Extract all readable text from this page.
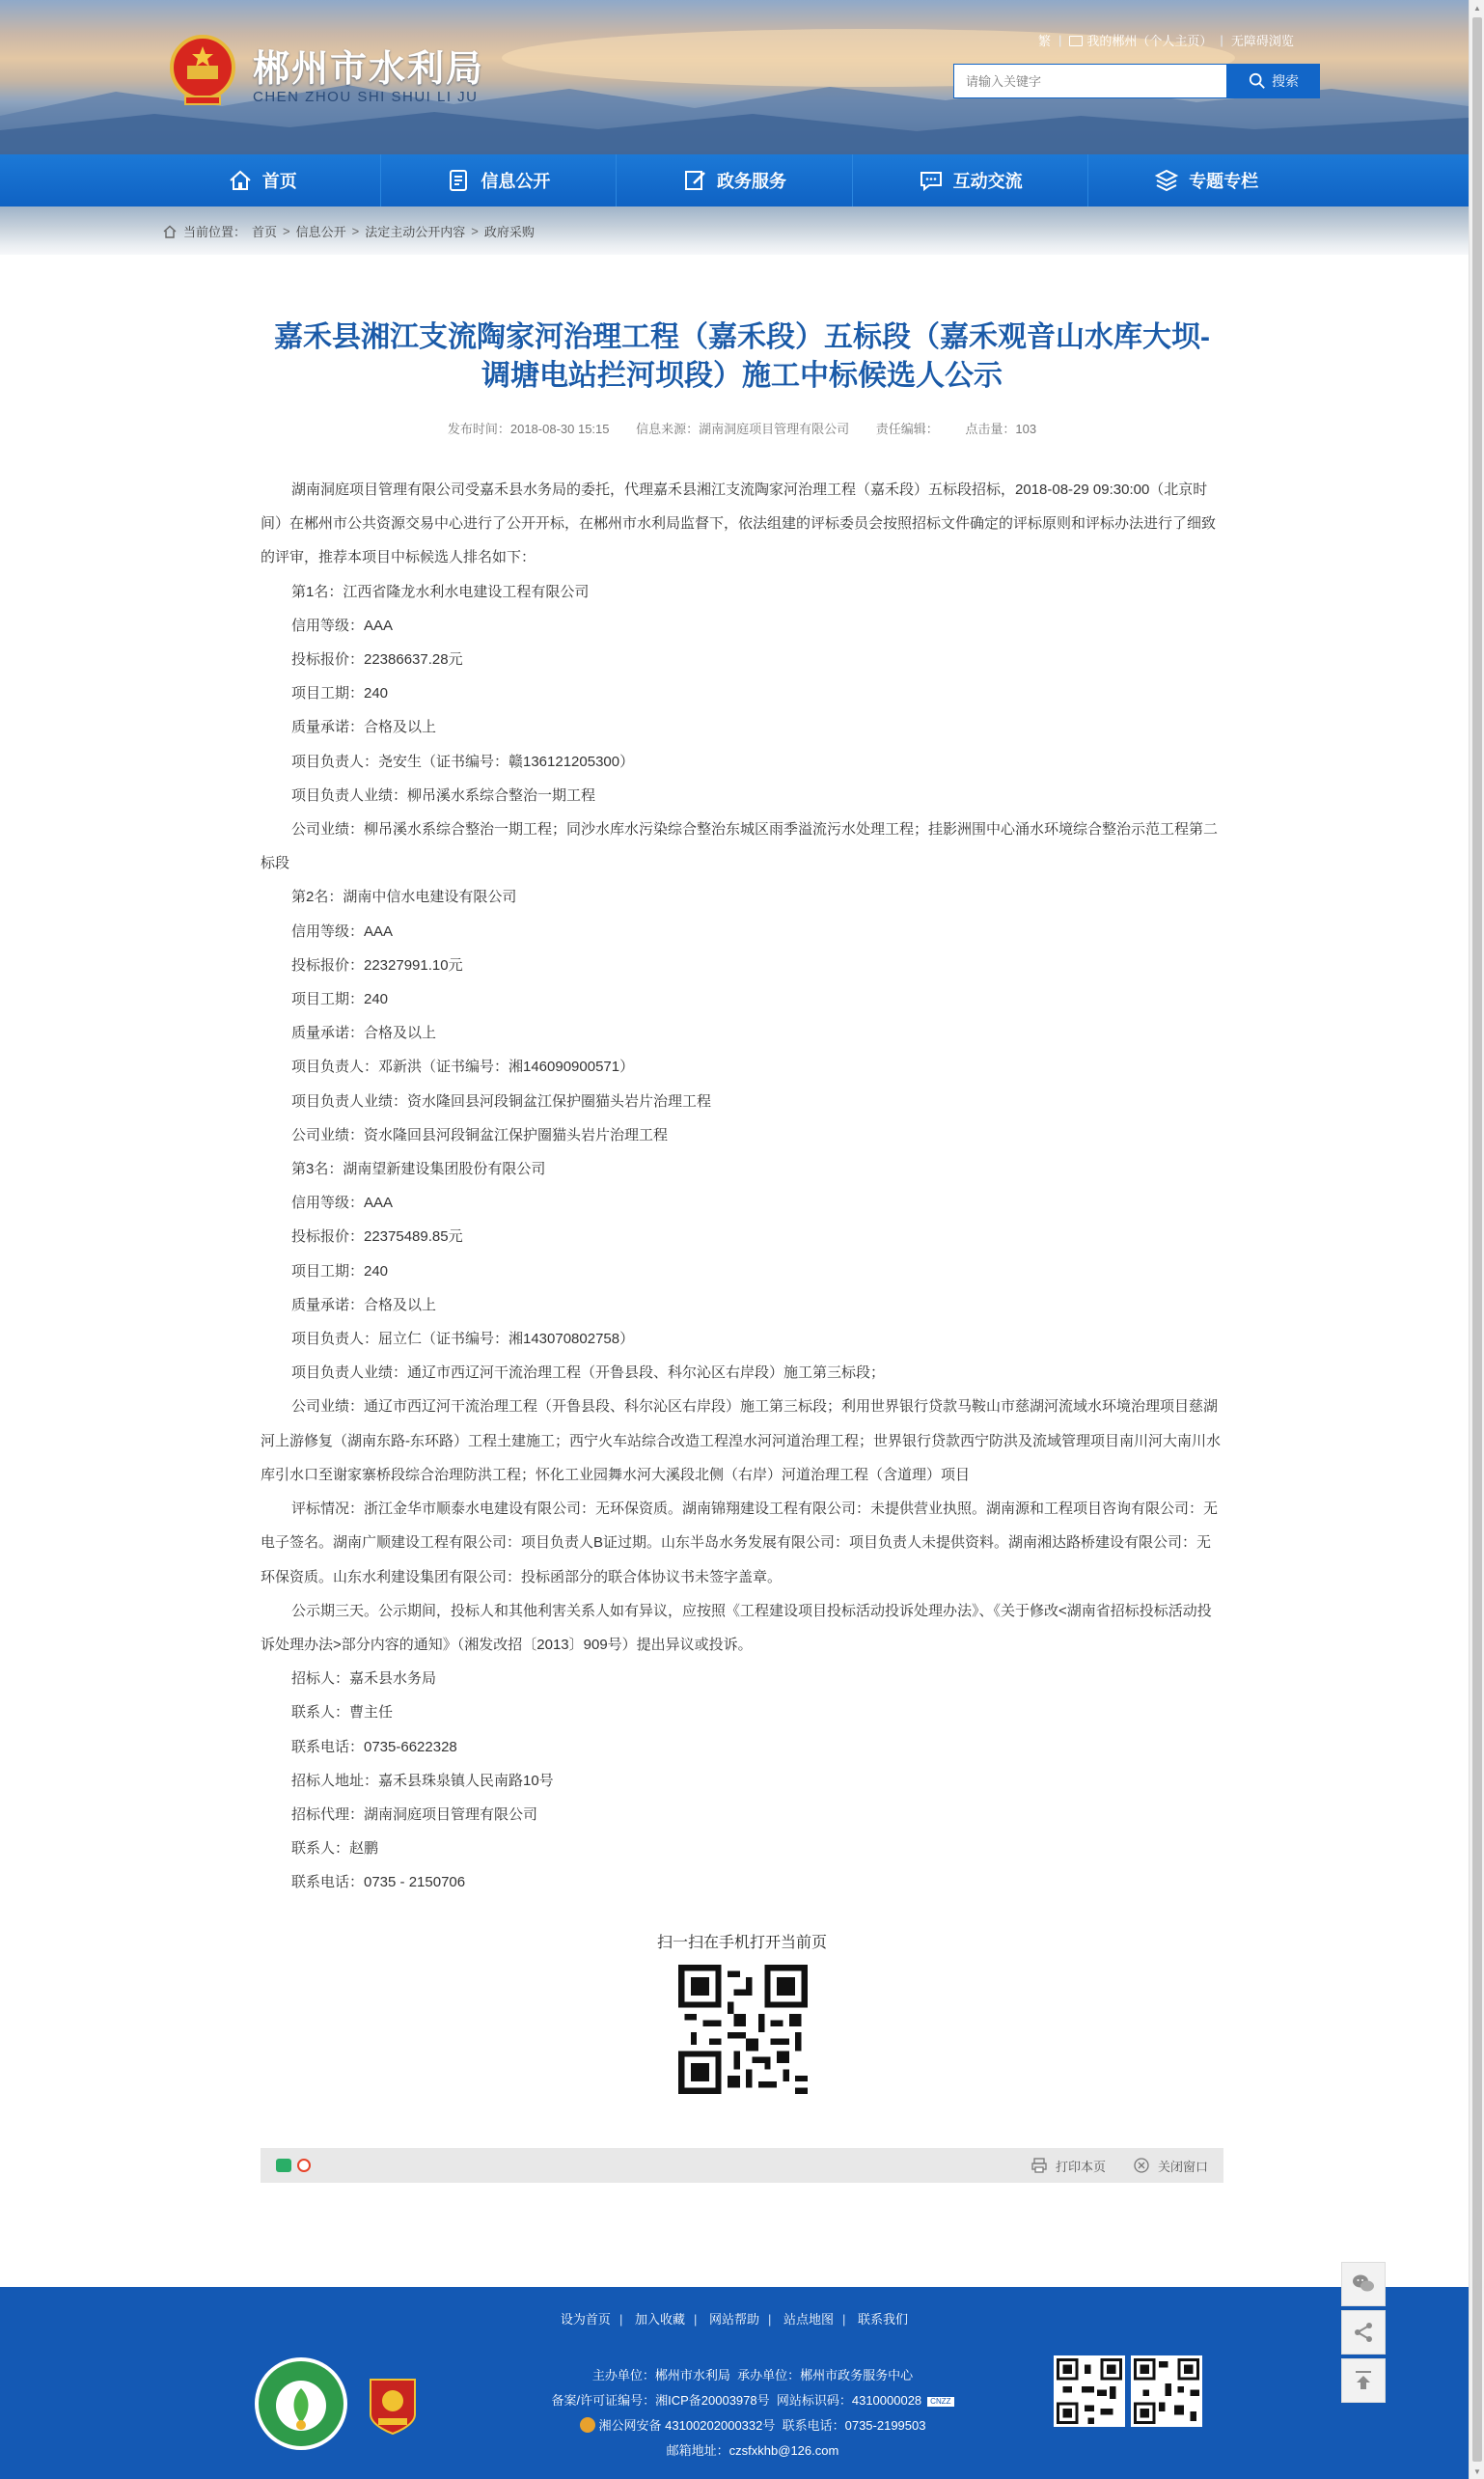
郴州市水利局
CHEN ZHOU SHI SHUI LI JU
繁 |	我的郴州（个人主页） | 无障碍浏览
请输入关键字
搜索
首页	信息公开	政务服务	互动交流	专题专栏
当前位置： 首页 > 信息公开 > 法定主动公开内容 > 政府采购
嘉禾县湘江支流陶家河治理工程（嘉禾段）五标段（嘉禾观音山水库大坝-调塘电站拦河坝段）施工中标候选人公示
发布时间：2018-08-30 15:15 信息来源：湖南洞庭项目管理有限公司 责任编辑： 点击量：103

湖南洞庭项目管理有限公司受嘉禾县水务局的委托，代理嘉禾县湘江支流陶家河治理工程（嘉禾段）五标段招标，2018-08-29 09:30:00（北京时间）在郴州市公共资源交易中心进行了公开开标，在郴州市水利局监督下，依法组建的评标委员会按照招标文件确定的评标原则和评标办法进行了细致的评审，推荐本项目中标候选人排名如下：

第1名：江西省隆龙水利水电建设工程有限公司

信用等级：AAA

投标报价：22386637.28元

项目工期：240

质量承诺：合格及以上

项目负责人：尧安生（证书编号：赣136121205300）

项目负责人业绩：柳吊溪水系综合整治一期工程

公司业绩：柳吊溪水系综合整治一期工程；同沙水库水污染综合整治东城区雨季溢流污水处理工程；挂影洲围中心涌水环境综合整治示范工程第二标段

第2名：湖南中信水电建设有限公司

信用等级：AAA

投标报价：22327991.10元

项目工期：240

质量承诺：合格及以上

项目负责人：邓新洪（证书编号：湘146090900571）

项目负责人业绩：资水隆回县河段铜盆江保护圈猫头岩片治理工程

公司业绩：资水隆回县河段铜盆江保护圈猫头岩片治理工程

第3名：湖南望新建设集团股份有限公司

信用等级：AAA

投标报价：22375489.85元

项目工期：240

质量承诺：合格及以上

项目负责人：屈立仁（证书编号：湘143070802758）

项目负责人业绩：通辽市西辽河干流治理工程（开鲁县段、科尔沁区右岸段）施工第三标段；

公司业绩：通辽市西辽河干流治理工程（开鲁县段、科尔沁区右岸段）施工第三标段；利用世界银行贷款马鞍山市慈湖河流域水环境治理项目慈湖河上游修复（湖南东路-东环路）工程土建施工；西宁火车站综合改造工程湟水河河道治理工程；世界银行贷款西宁防洪及流域管理项目南川河大南川水库引水口至谢家寨桥段综合治理防洪工程；怀化工业园舞水河大溪段北侧（右岸）河道治理工程（含道理）项目

评标情况：浙江金华市顺泰水电建设有限公司：无环保资质。湖南锦翔建设工程有限公司：未提供营业执照。湖南源和工程项目咨询有限公司：无电子签名。湖南广顺建设工程有限公司：项目负责人B证过期。山东半岛水务发展有限公司：项目负责人未提供资料。湖南湘达路桥建设有限公司：无环保资质。山东水利建设集团有限公司：投标函部分的联合体协议书未签字盖章。

公示期三天。公示期间，投标人和其他利害关系人如有异议，应按照《工程建设项目投标活动投诉处理办法》、《关于修改<湖南省招标投标活动投诉处理办法>部分内容的通知》（湘发改招〔2013〕909号）提出异议或投诉。

招标人：嘉禾县水务局

联系人：曹主任

联系电话：0735-6622328

招标人地址：嘉禾县珠泉镇人民南路10号

招标代理：湖南洞庭项目管理有限公司

联系人：赵鹏

联系电话：0735 - 2150706

扫一扫在手机打开当前页
打印本页	关闭窗口
设为首页 | 加入收藏 | 网站帮助 | 站点地图 | 联系我们
主办单位：郴州市水利局 承办单位：郴州市政务服务中心
备案/许可证编号：湘ICP备20003978号 网站标识码：4310000028 CNZZ
湘公网安备 43100202000332号 联系电话：0735-2199503
邮箱地址：czsfxkhb@126.com
▲
▼
